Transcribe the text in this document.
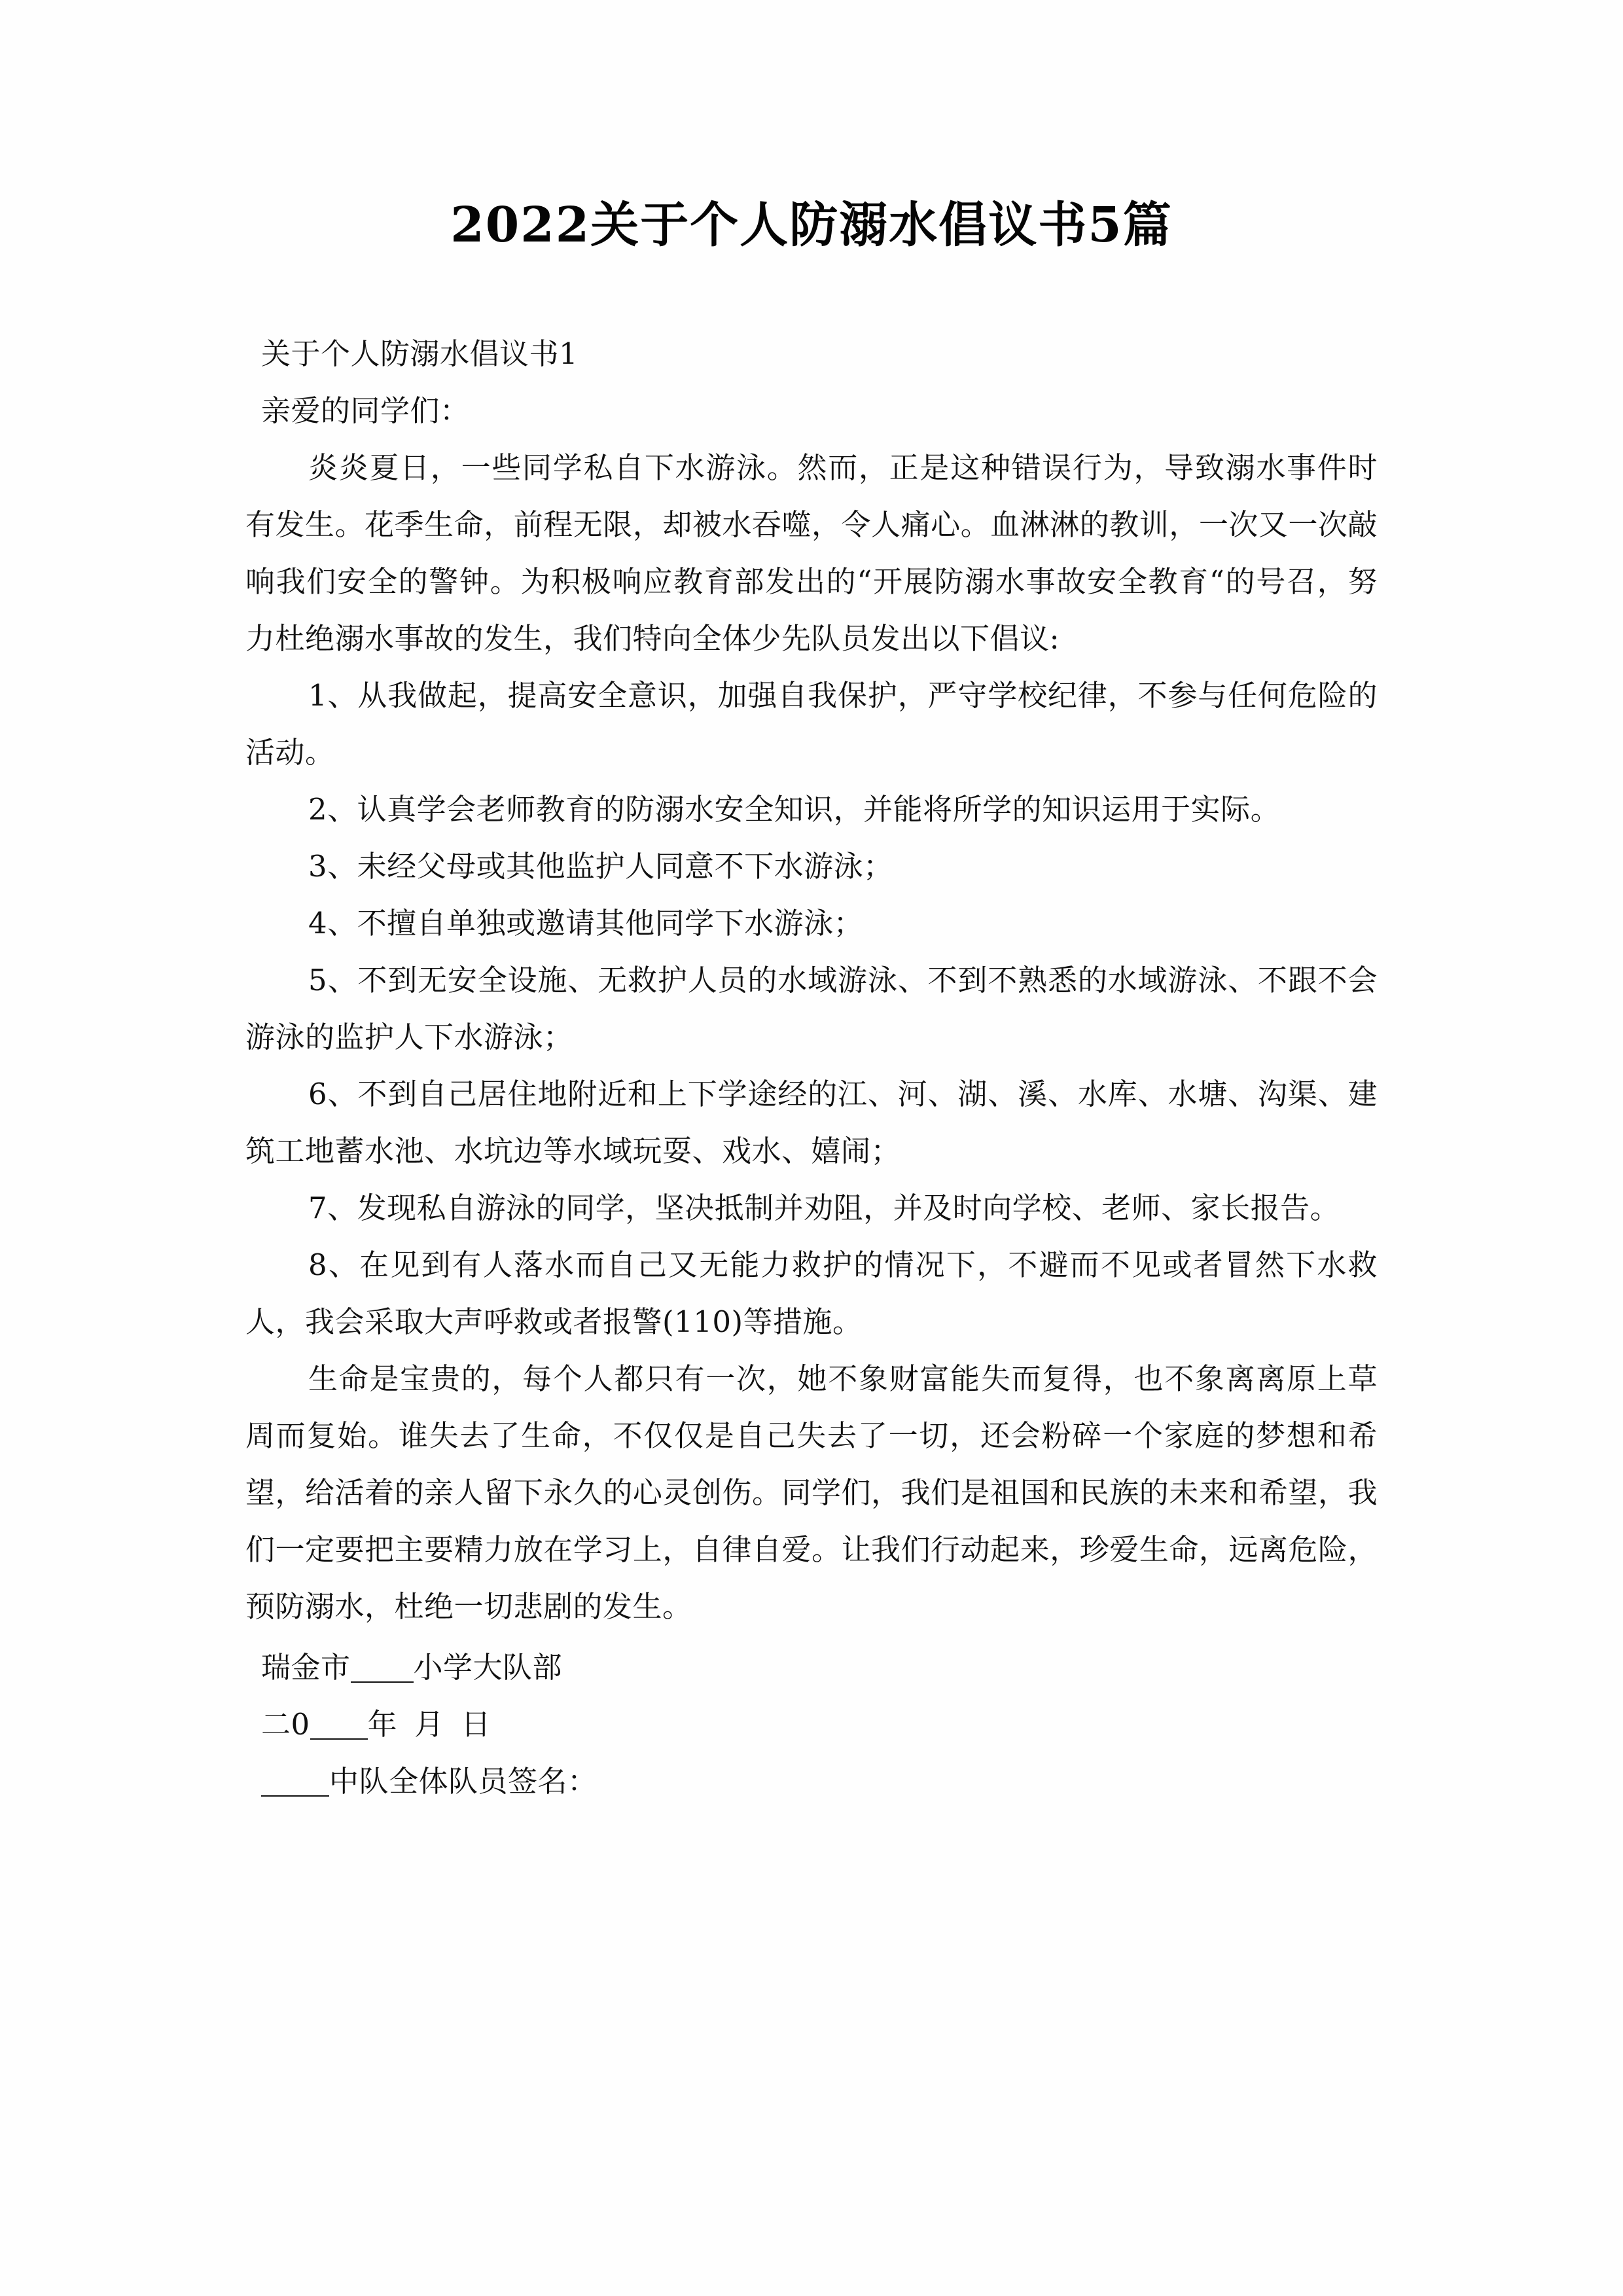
2022关于个人防溺水倡议书5篇

关于个人防溺水倡议书1

亲爱的同学们：

炎炎夏日，一些同学私自下水游泳。然而，正是这种错误行为，导致溺水事件时有发生。花季生命，前程无限，却被水吞噬，令人痛心。血淋淋的教训，一次又一次敲响我们安全的警钟。为积极响应教育部发出的“开展防溺水事故安全教育“的号召，努力杜绝溺水事故的发生，我们特向全体少先队员发出以下倡议:

1、从我做起，提高安全意识，加强自我保护，严守学校纪律，不参与任何危险的活动。

2、认真学会老师教育的防溺水安全知识，并能将所学的知识运用于实际。

3、未经父母或其他监护人同意不下水游泳；

4、不擅自单独或邀请其他同学下水游泳；

5、不到无安全设施、无救护人员的水域游泳、不到不熟悉的水域游泳、不跟不会游泳的监护人下水游泳；

6、不到自己居住地附近和上下学途经的江、河、湖、溪、水库、水塘、沟渠、建筑工地蓄水池、水坑边等水域玩耍、戏水、嬉闹；

7、发现私自游泳的同学，坚决抵制并劝阻，并及时向学校、老师、家长报告。

8、在见到有人落水而自己又无能力救护的情况下，不避而不见或者冒然下水救人，我会采取大声呼救或者报警(110)等措施。

生命是宝贵的，每个人都只有一次，她不象财富能失而复得，也不象离离原上草周而复始。谁失去了生命，不仅仅是自己失去了一切，还会粉碎一个家庭的梦想和希望，给活着的亲人留下永久的心灵创伤。同学们，我们是祖国和民族的未来和希望，我们一定要把主要精力放在学习上，自律自爱。让我们行动起来，珍爱生命，远离危险，预防溺水，杜绝一切悲剧的发生。

瑞金市 小学大队部
二0 年 月 日
中队全体队员签名：
